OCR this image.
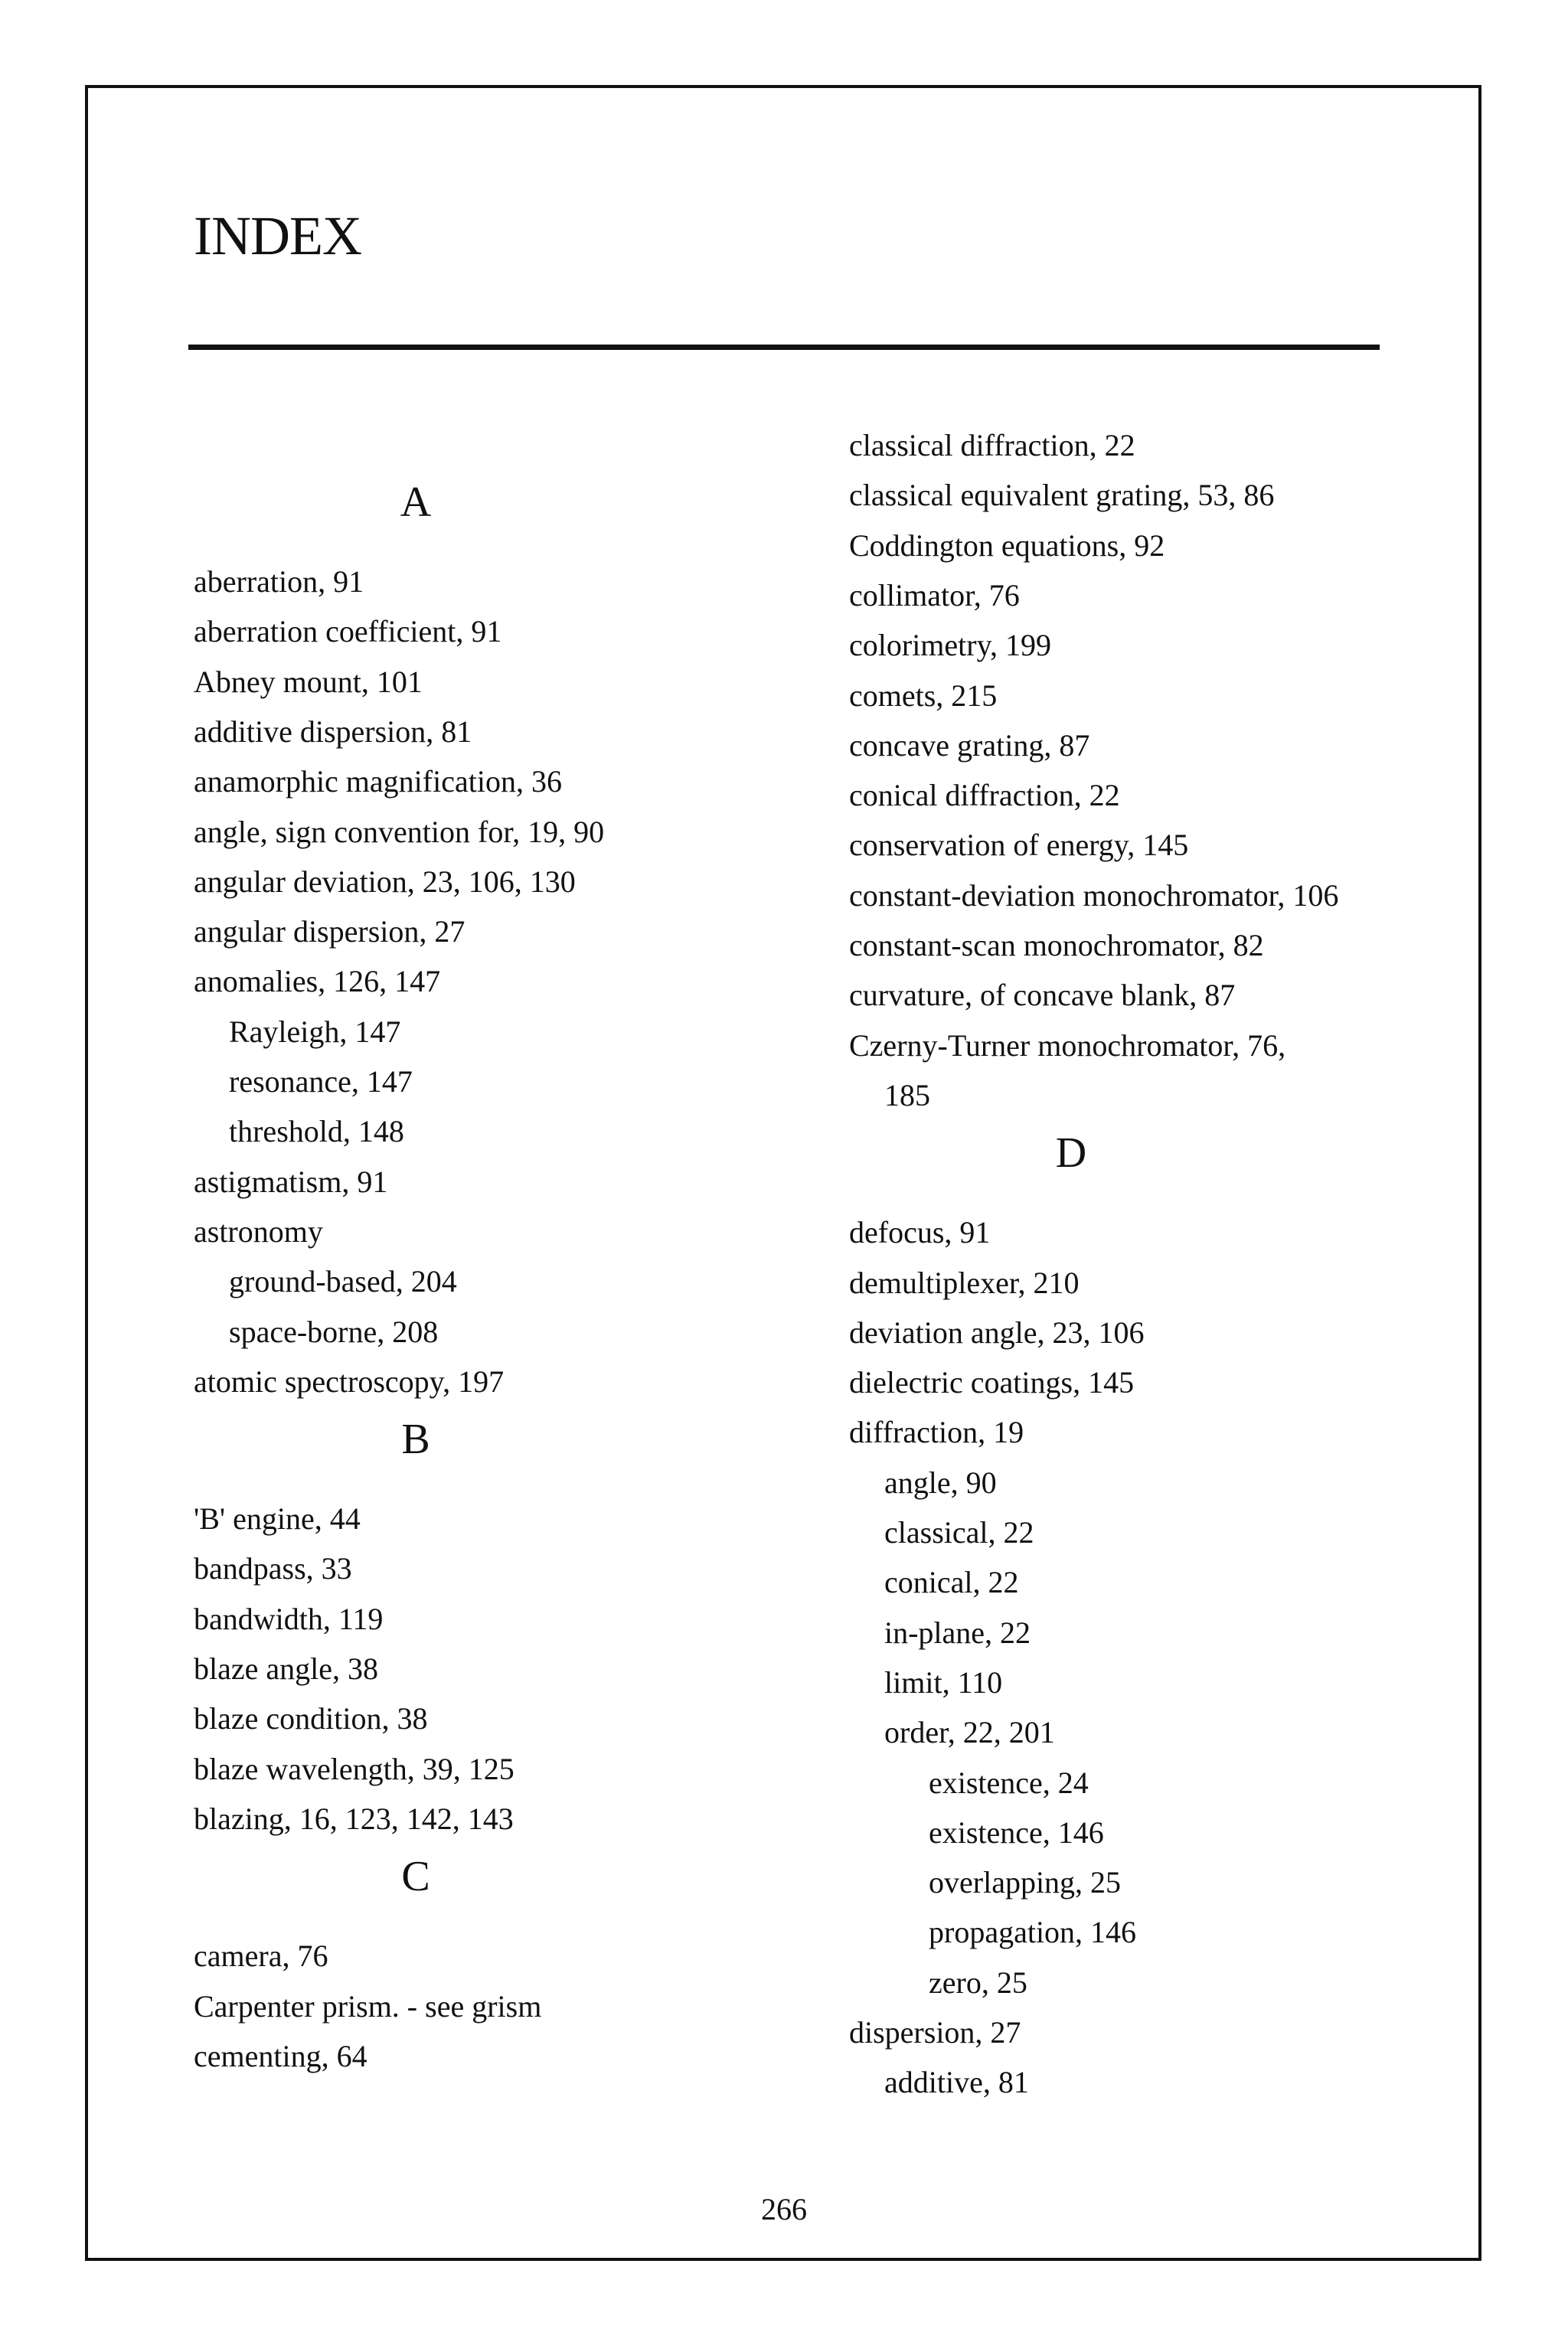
INDEX
A
aberration, 91
aberration coefficient, 91
Abney mount, 101
additive dispersion, 81
anamorphic magnification, 36
angle, sign convention for, 19, 90
angular deviation, 23, 106, 130
angular dispersion, 27
anomalies, 126, 147
Rayleigh, 147
resonance, 147
threshold, 148
astigmatism, 91
astronomy
ground-based, 204
space-borne, 208
atomic spectroscopy, 197
B
'B' engine, 44
bandpass, 33
bandwidth, 119
blaze angle, 38
blaze condition, 38
blaze wavelength, 39, 125
blazing, 16, 123, 142, 143
C
camera, 76
Carpenter prism. - see grism
cementing, 64
classical diffraction, 22
classical equivalent grating, 53, 86
Coddington equations, 92
collimator, 76
colorimetry, 199
comets, 215
concave grating, 87
conical diffraction, 22
conservation of energy, 145
constant-deviation monochromator, 106
constant-scan monochromator, 82
curvature, of concave blank, 87
Czerny-Turner monochromator, 76,
185
D
defocus, 91
demultiplexer, 210
deviation angle, 23, 106
dielectric coatings, 145
diffraction, 19
angle, 90
classical, 22
conical, 22
in-plane, 22
limit, 110
order, 22, 201
existence, 24
existence, 146
overlapping, 25
propagation, 146
zero, 25
dispersion, 27
additive, 81
266
